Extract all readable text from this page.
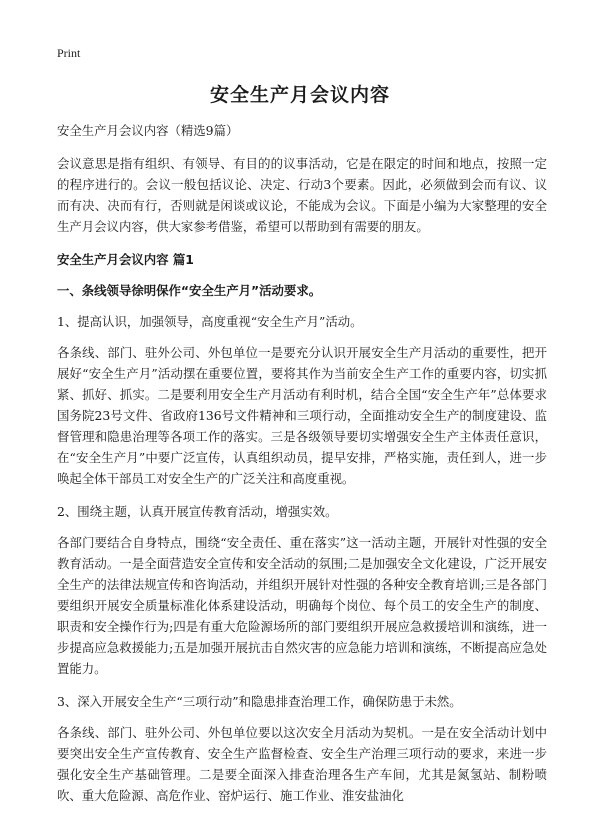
Print
安全生产月会议内容

安全生产月会议内容（精选9篇）

会议意思是指有组织、有领导、有目的的议事活动，它是在限定的时间和地点，按照一定的程序进行的。会议一般包括议论、决定、行动3个要素。因此，必须做到会而有议、议而有决、决而有行，否则就是闲谈或议论，不能成为会议。下面是小编为大家整理的安全生产月会议内容，供大家参考借鉴，希望可以帮助到有需要的朋友。

安全生产月会议内容 篇1

一、条线领导徐明保作“安全生产月”活动要求。

1、提高认识，加强领导，高度重视“安全生产月”活动。

各条线、部门、驻外公司、外包单位一是要充分认识开展安全生产月活动的重要性，把开展好“安全生产月”活动摆在重要位置，要将其作为当前安全生产工作的重要内容，切实抓紧、抓好、抓实。二是要利用安全生产月活动有利时机，结合全国“安全生产年”总体要求国务院23号文件、省政府136号文件精神和三项行动，全面推动安全生产的制度建设、监督管理和隐患治理等各项工作的落实。三是各级领导要切实增强安全生产主体责任意识，在“安全生产月”中要广泛宣传，认真组织动员，提早安排，严格实施，责任到人，进一步唤起全体干部员工对安全生产的广泛关注和高度重视。

2、围绕主题，认真开展宣传教育活动，增强实效。

各部门要结合自身特点，围绕“安全责任、重在落实”这一活动主题，开展针对性强的安全教育活动。一是全面营造安全宣传和安全活动的氛围;二是加强安全文化建设，广泛开展安全生产的法律法规宣传和咨询活动，并组织开展针对性强的各种安全教育培训;三是各部门要组织开展安全质量标准化体系建设活动，明确每个岗位、每个员工的安全生产的制度、职责和安全操作行为;四是有重大危险源场所的部门要组织开展应急救援培训和演练，进一步提高应急救援能力;五是加强开展抗击自然灾害的应急能力培训和演练，不断提高应急处置能力。

3、深入开展安全生产“三项行动”和隐患排查治理工作，确保防患于未然。

各条线、部门、驻外公司、外包单位要以这次安全月活动为契机。一是在安全活动计划中要突出安全生产宣传教育、安全生产监督检查、安全生产治理三项行动的要求，来进一步强化安全生产基础管理。二是要全面深入排查治理各生产车间，尤其是氮氢站、制粉喷吹、重大危险源、高危作业、窑炉运行、施工作业、淮安盐油化
